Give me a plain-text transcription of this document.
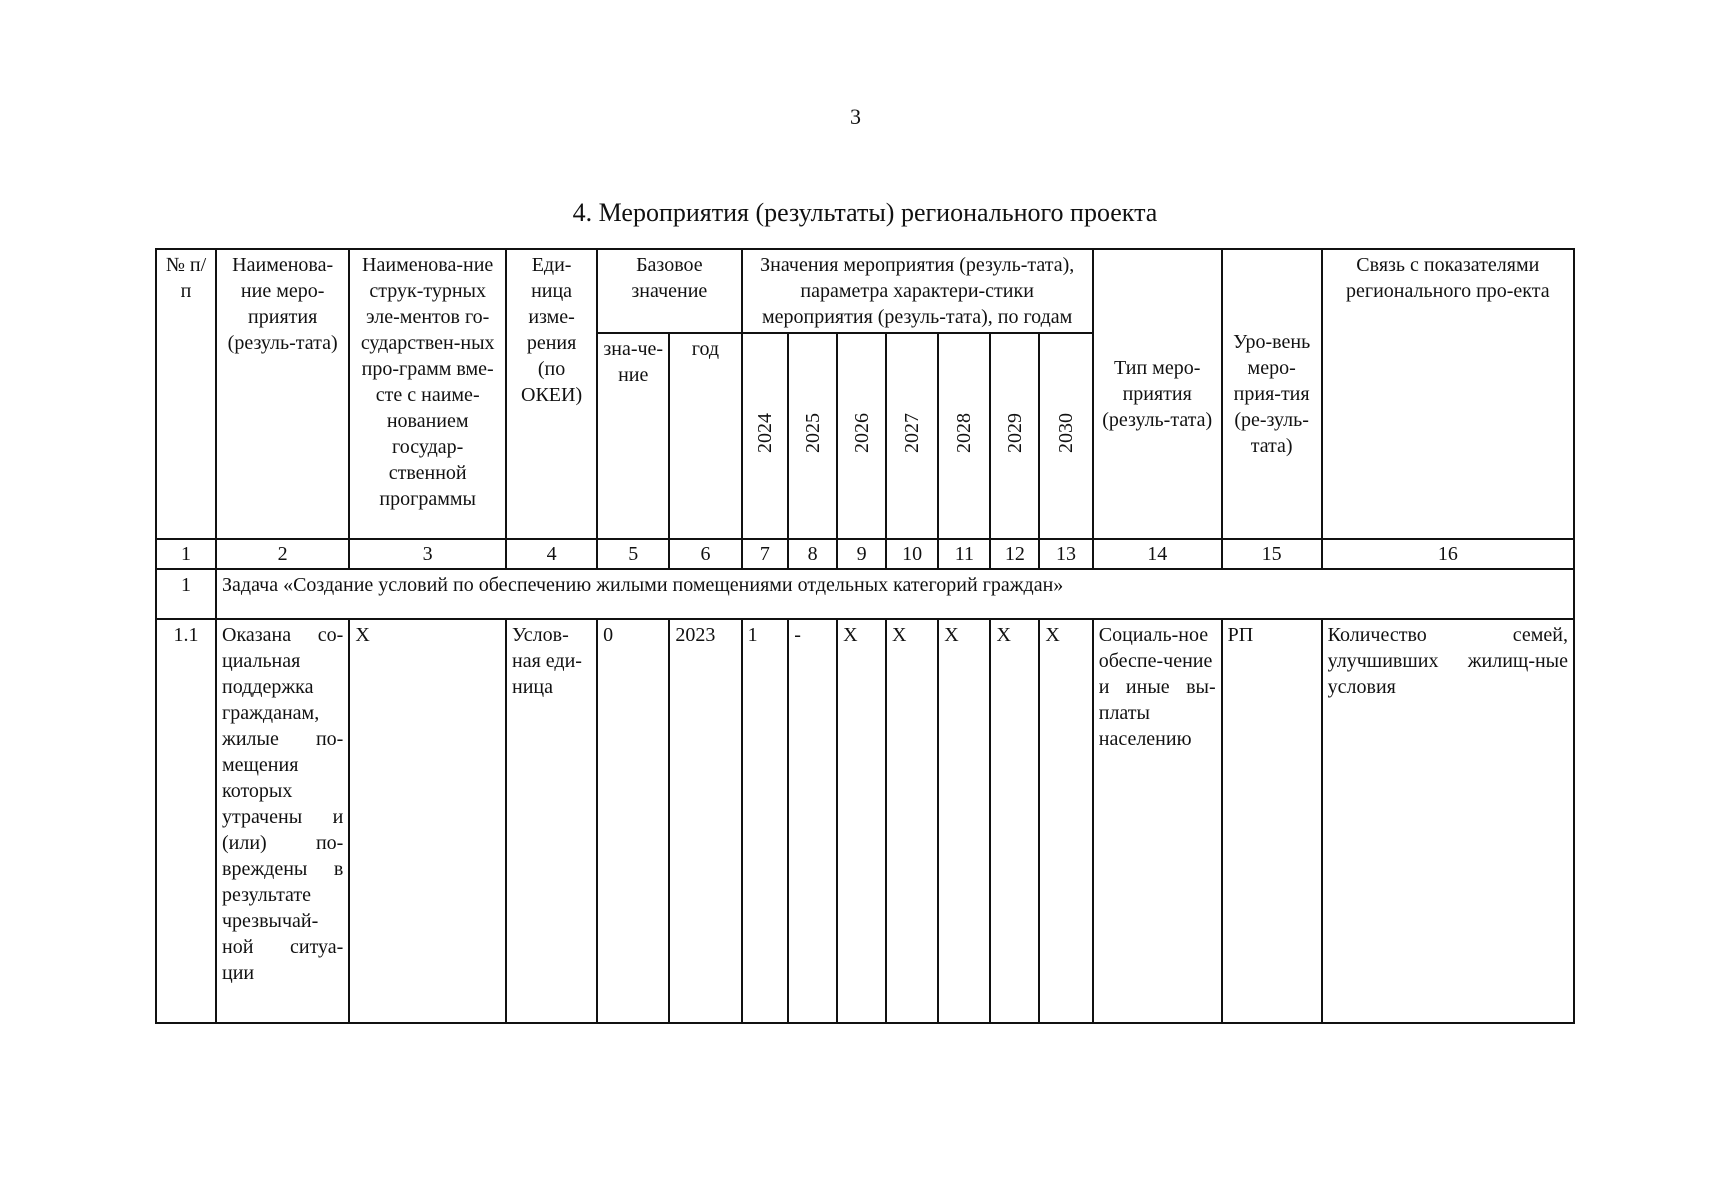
3
4. Мероприятия (результаты) регионального проекта
№ п/п	Наименова-ние меро-приятия (резуль-тата)	Наименова-ние струк-турных эле-ментов го-сударствен-ных про-грамм вме-сте с наиме-нованием государ-ственной программы	Еди-ница изме-рения (по ОКЕИ)	Базовое значение		Значения мероприятия (резуль-тата), параметра характери-стики мероприятия (резуль-тата), по годам							Тип меро-приятия (резуль-тата)	Уро-вень меро-прия-тия (ре-зуль-тата)	Связь с показателями регионального про-екта
				зна-че-ние	год	2024	2025	2026	2027	2028	2029	2030			
1	2	3	4	5	6	7	8	9	10	11	12	13	14	15	16
1	Задача «Создание условий по обеспечению жилыми помещениями отдельных категорий граждан»														
1.1	Оказана со-циальная поддержка гражданам, жилые по-мещения которых утрачены и (или) по-вреждены в результате чрезвычай-ной ситуа-ции	Х	Услов-ная еди-ница	0	2023	1	-	Х	Х	Х	Х	Х	Социаль-ное обеспе-чение и иные вы-платы населению	РП	Количество семей, улучшивших жилищ-ные условия
